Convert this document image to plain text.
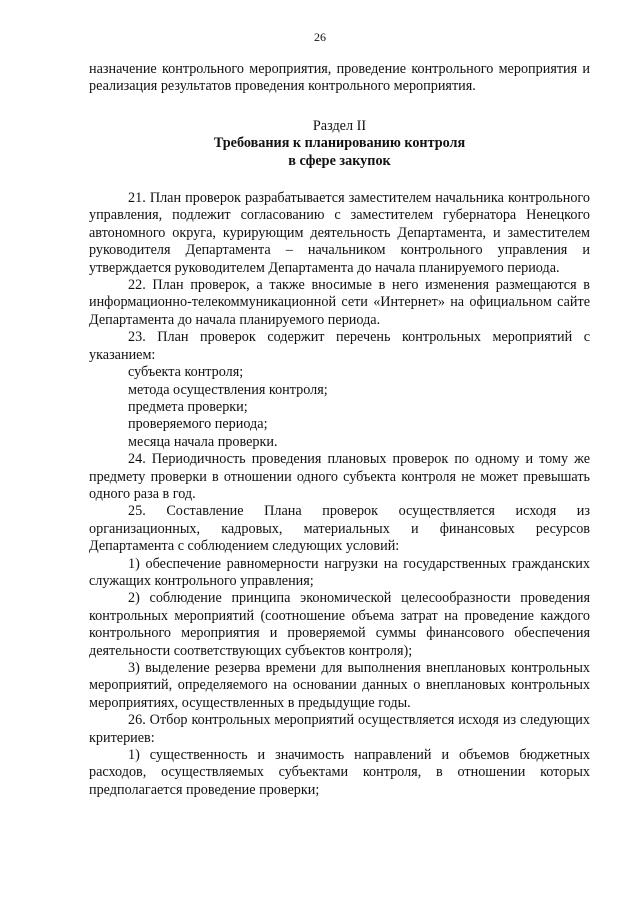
26

назначение контрольного мероприятия, проведение контрольного мероприятия и реализация результатов проведения контрольного мероприятия.

Раздел II
Требования к планированию контроля
в сфере закупок

21. План проверок разрабатывается заместителем начальника контрольного управления, подлежит согласованию с заместителем губернатора Ненецкого автономного округа, курирующим деятельность Департамента, и заместителем руководителя Департамента – начальником контрольного управления и утверждается руководителем Департамента до начала планируемого периода.

22. План проверок, а также вносимые в него изменения размещаются в информационно-телекоммуникационной сети «Интернет» на официальном сайте Департамента до начала планируемого периода.

23. План проверок содержит перечень контрольных мероприятий с указанием:

субъекта контроля;

метода осуществления контроля;

предмета проверки;

проверяемого периода;

месяца начала проверки.

24. Периодичность проведения плановых проверок по одному и тому же предмету проверки в отношении одного субъекта контроля не может превышать одного раза в год.

25. Составление Плана проверок осуществляется исходя из организационных, кадровых, материальных и финансовых ресурсов Департамента с соблюдением следующих условий:

1) обеспечение равномерности нагрузки на государственных гражданских служащих контрольного управления;

2) соблюдение принципа экономической целесообразности проведения контрольных мероприятий (соотношение объема затрат на проведение каждого контрольного мероприятия и проверяемой суммы финансового обеспечения деятельности соответствующих субъектов контроля);

3) выделение резерва времени для выполнения внеплановых контрольных мероприятий, определяемого на основании данных о внеплановых контрольных мероприятиях, осуществленных в предыдущие годы.

26. Отбор контрольных мероприятий осуществляется исходя из следующих критериев:

1) существенность и значимость направлений и объемов бюджетных расходов, осуществляемых субъектами контроля, в отношении которых предполагается проведение проверки;
